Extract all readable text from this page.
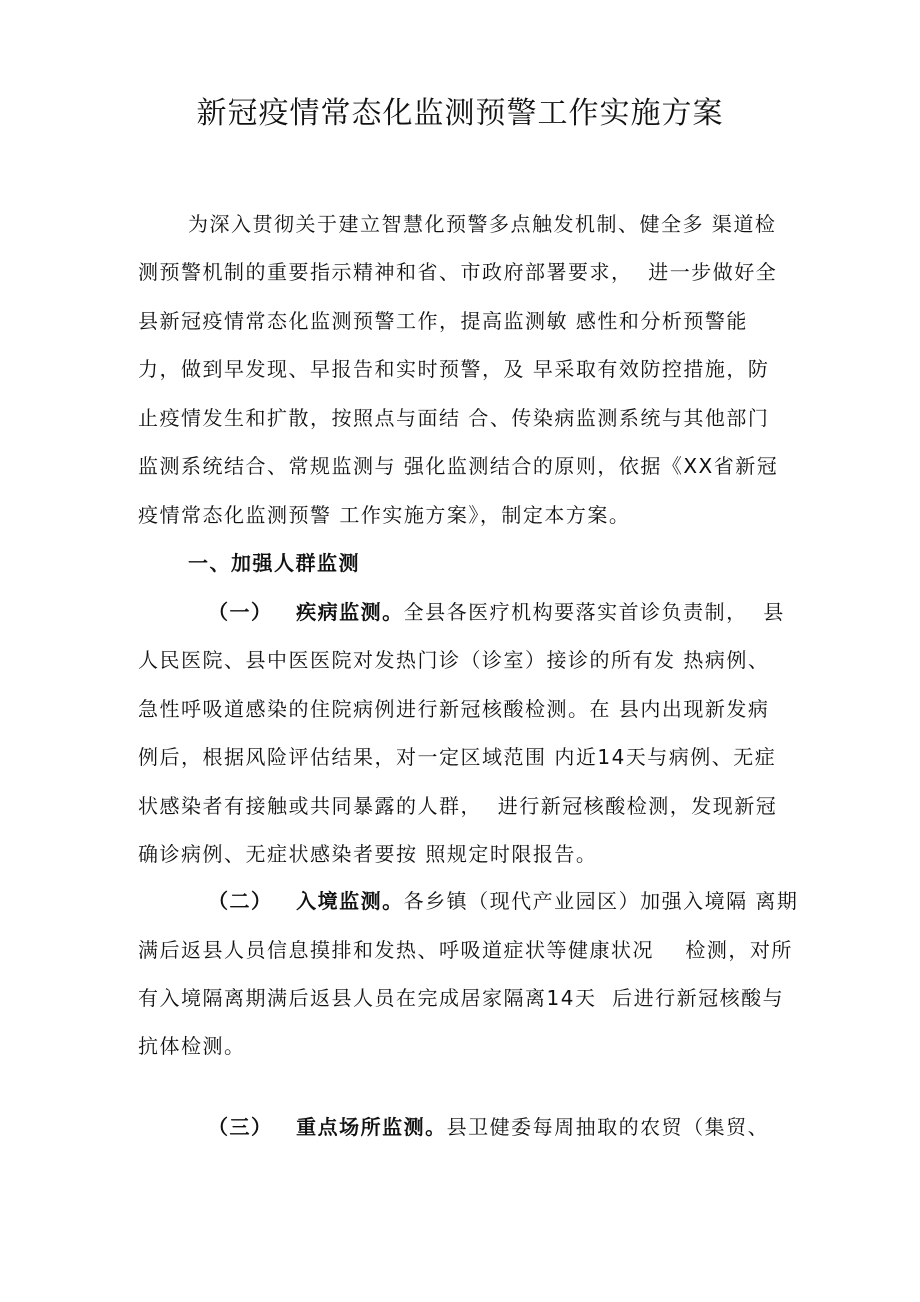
新冠疫情常态化监测预警工作实施方案
为深入贯彻关于建立智慧化预警多点触发机制、健全多 渠道检
测预警机制的重要指示精神和省、市政府部署要求，  进一步做好全
县新冠疫情常态化监测预警工作，提高监测敏 感性和分析预警能
力，做到早发现、早报告和实时预警，及 早采取有效防控措施，防
止疫情发生和扩散，按照点与面结 合、传染病监测系统与其他部门
监测系统结合、常规监测与 强化监测结合的原则，依据《XX省新冠
疫情常态化监测预警 工作实施方案》，制定本方案。
一、加强人群监测
（一） 疾病监测。全县各医疗机构要落实首诊负责制，  县
人民医院、县中医医院对发热门诊（诊室）接诊的所有发 热病例、
急性呼吸道感染的住院病例进行新冠核酸检测。在 县内出现新发病
例后，根据风险评估结果，对一定区域范围 内近14天与病例、无症
状感染者有接触或共同暴露的人群，  进行新冠核酸检测，发现新冠
确诊病例、无症状感染者要按 照规定时限报告。
（二） 入境监测。各乡镇（现代产业园区）加强入境隔 离期
满后返县人员信息摸排和发热、呼吸道症状等健康状况    检测，对所
有入境隔离期满后返县人员在完成居家隔离14天  后进行新冠核酸与
抗体检测。
（三） 重点场所监测。县卫健委每周抽取的农贸（集贸、
